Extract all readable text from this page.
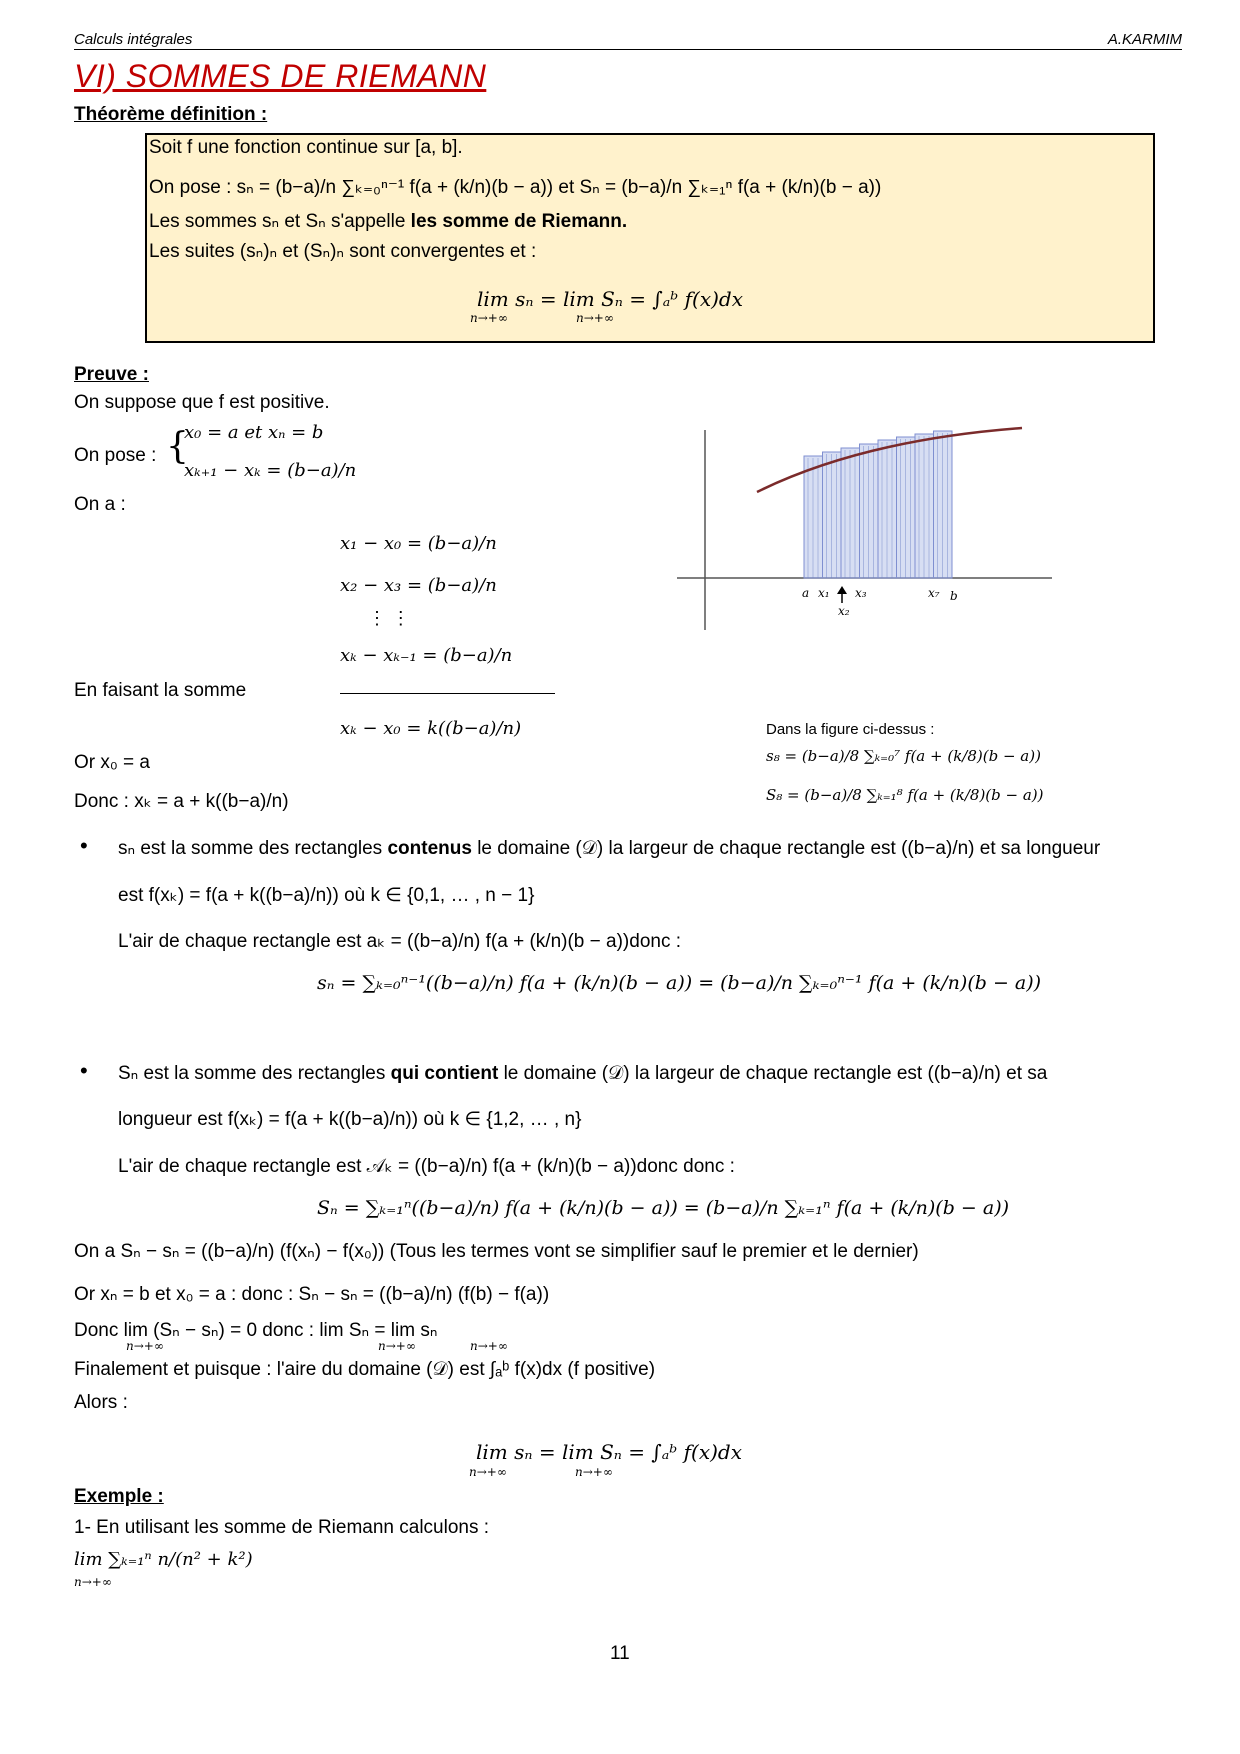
Calculs intégrales	A.KARMIM
VI) SOMMES DE RIEMANN
Théorème définition :
Soit f une fonction continue sur [a, b].
On pose : sₙ = (b−a)/n ∑ₖ₌₀ⁿ⁻¹ f(a + (k/n)(b − a)) et Sₙ = (b−a)/n ∑ₖ₌₁ⁿ f(a + (k/n)(b − a))
Les sommes sₙ et Sₙ s'appelle les somme de Riemann.
Les suites (sₙ)ₙ et (Sₙ)ₙ sont convergentes et :
lim sₙ = lim Sₙ = ∫ₐᵇ f(x)dx
n→+∞	n→+∞
Preuve :
On suppose que f est positive.
On pose : {
x₀ = a et xₙ = b
xₖ₊₁ − xₖ = (b−a)/n
On a :
x₁ − x₀ = (b−a)/n
x₂ − x₃ = (b−a)/n
⋮ ⋮
xₖ − xₖ₋₁ = (b−a)/n
En faisant la somme
xₖ − x₀ = k((b−a)/n)
Or x₀ = a
Donc : xₖ = a + k((b−a)/n)
a x₁ x₃
x₂
x₇ b
Dans la figure ci-dessus :
s₈ = (b−a)/8 ∑ₖ₌₀⁷ f(a + (k/8)(b − a))
S₈ = (b−a)/8 ∑ₖ₌₁⁸ f(a + (k/8)(b − a))
• sₙ est la somme des rectangles contenus le domaine (𝒟) la largeur de chaque rectangle est ((b−a)/n) et sa longueur
est f(xₖ) = f(a + k((b−a)/n)) où k ∈ {0,1, … , n − 1}
L'air de chaque rectangle est aₖ = ((b−a)/n) f(a + (k/n)(b − a))donc :
sₙ = ∑ₖ₌₀ⁿ⁻¹((b−a)/n) f(a + (k/n)(b − a)) = (b−a)/n ∑ₖ₌₀ⁿ⁻¹ f(a + (k/n)(b − a))
• Sₙ est la somme des rectangles qui contient le domaine (𝒟) la largeur de chaque rectangle est ((b−a)/n) et sa
longueur est f(xₖ) = f(a + k((b−a)/n)) où k ∈ {1,2, … , n}
L'air de chaque rectangle est 𝒜ₖ = ((b−a)/n) f(a + (k/n)(b − a))donc donc :
Sₙ = ∑ₖ₌₁ⁿ((b−a)/n) f(a + (k/n)(b − a)) = (b−a)/n ∑ₖ₌₁ⁿ f(a + (k/n)(b − a))
On a Sₙ − sₙ = ((b−a)/n) (f(xₙ) − f(x₀)) (Tous les termes vont se simplifier sauf le premier et le dernier)
Or xₙ = b et x₀ = a : donc : Sₙ − sₙ = ((b−a)/n) (f(b) − f(a))
Donc lim (Sₙ − sₙ) = 0 donc : lim Sₙ = lim sₙ
n→+∞	n→+∞	n→+∞
Finalement et puisque : l'aire du domaine (𝒟) est ∫ₐᵇ f(x)dx (f positive)
Alors :
lim sₙ = lim Sₙ = ∫ₐᵇ f(x)dx
n→+∞	n→+∞
Exemple :
1- En utilisant les somme de Riemann calculons :
lim ∑ₖ₌₁ⁿ n/(n² + k²)
n→+∞
11
